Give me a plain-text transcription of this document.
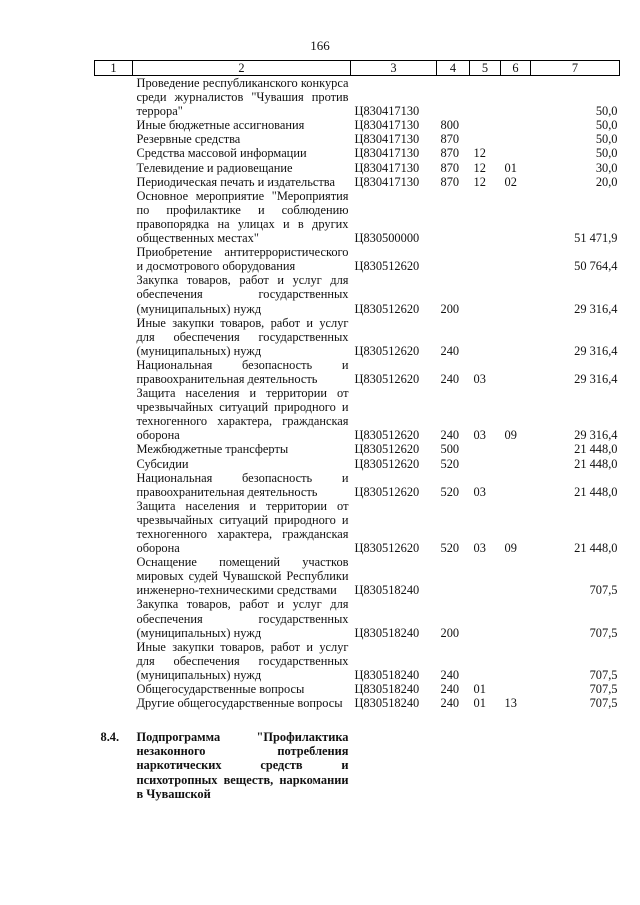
166
1	2	3	4	5	6	7
	Проведение республиканского конкурса среди журналистов "Чувашия против террора"	Ц830417130				50,0
	Иные бюджетные ассигнования	Ц830417130	800			50,0
	Резервные средства	Ц830417130	870			50,0
	Средства массовой информации	Ц830417130	870	12		50,0
	Телевидение и радиовещание	Ц830417130	870	12	01	30,0
	Периодическая печать и издательства	Ц830417130	870	12	02	20,0
	Основное мероприятие "Мероприятия по профилактике и соблюдению правопорядка на улицах и в других общественных местах"	Ц830500000				51 471,9
	Приобретение антитеррористического и досмотрового оборудования	Ц830512620				50 764,4
	Закупка товаров, работ и услуг для обеспечения государственных (муниципальных) нужд	Ц830512620	200			29 316,4
	Иные закупки товаров, работ и услуг для обеспечения государственных (муниципальных) нужд	Ц830512620	240			29 316,4
	Национальная безопасность и правоохранительная деятельность	Ц830512620	240	03		29 316,4
	Защита населения и территории от чрезвычайных ситуаций природного и техногенного характера, гражданская оборона	Ц830512620	240	03	09	29 316,4
	Межбюджетные трансферты	Ц830512620	500			21 448,0
	Субсидии	Ц830512620	520			21 448,0
	Национальная безопасность и правоохранительная деятельность	Ц830512620	520	03		21 448,0
	Защита населения и территории от чрезвычайных ситуаций природного и техногенного характера, гражданская оборона	Ц830512620	520	03	09	21 448,0
	Оснащение помещений участков мировых судей Чувашской Республики инженерно-техническими средствами	Ц830518240				707,5
	Закупка товаров, работ и услуг для обеспечения государственных (муниципальных) нужд	Ц830518240	200			707,5
	Иные закупки товаров, работ и услуг для обеспечения государственных (муниципальных) нужд	Ц830518240	240			707,5
	Общегосударственные вопросы	Ц830518240	240	01		707,5
	Другие общегосударственные вопросы	Ц830518240	240	01	13	707,5
8.4.	Подпрограмма "Профилактика незаконного потребления наркотических средств и психотропных веществ, наркомании в Чувашской					
